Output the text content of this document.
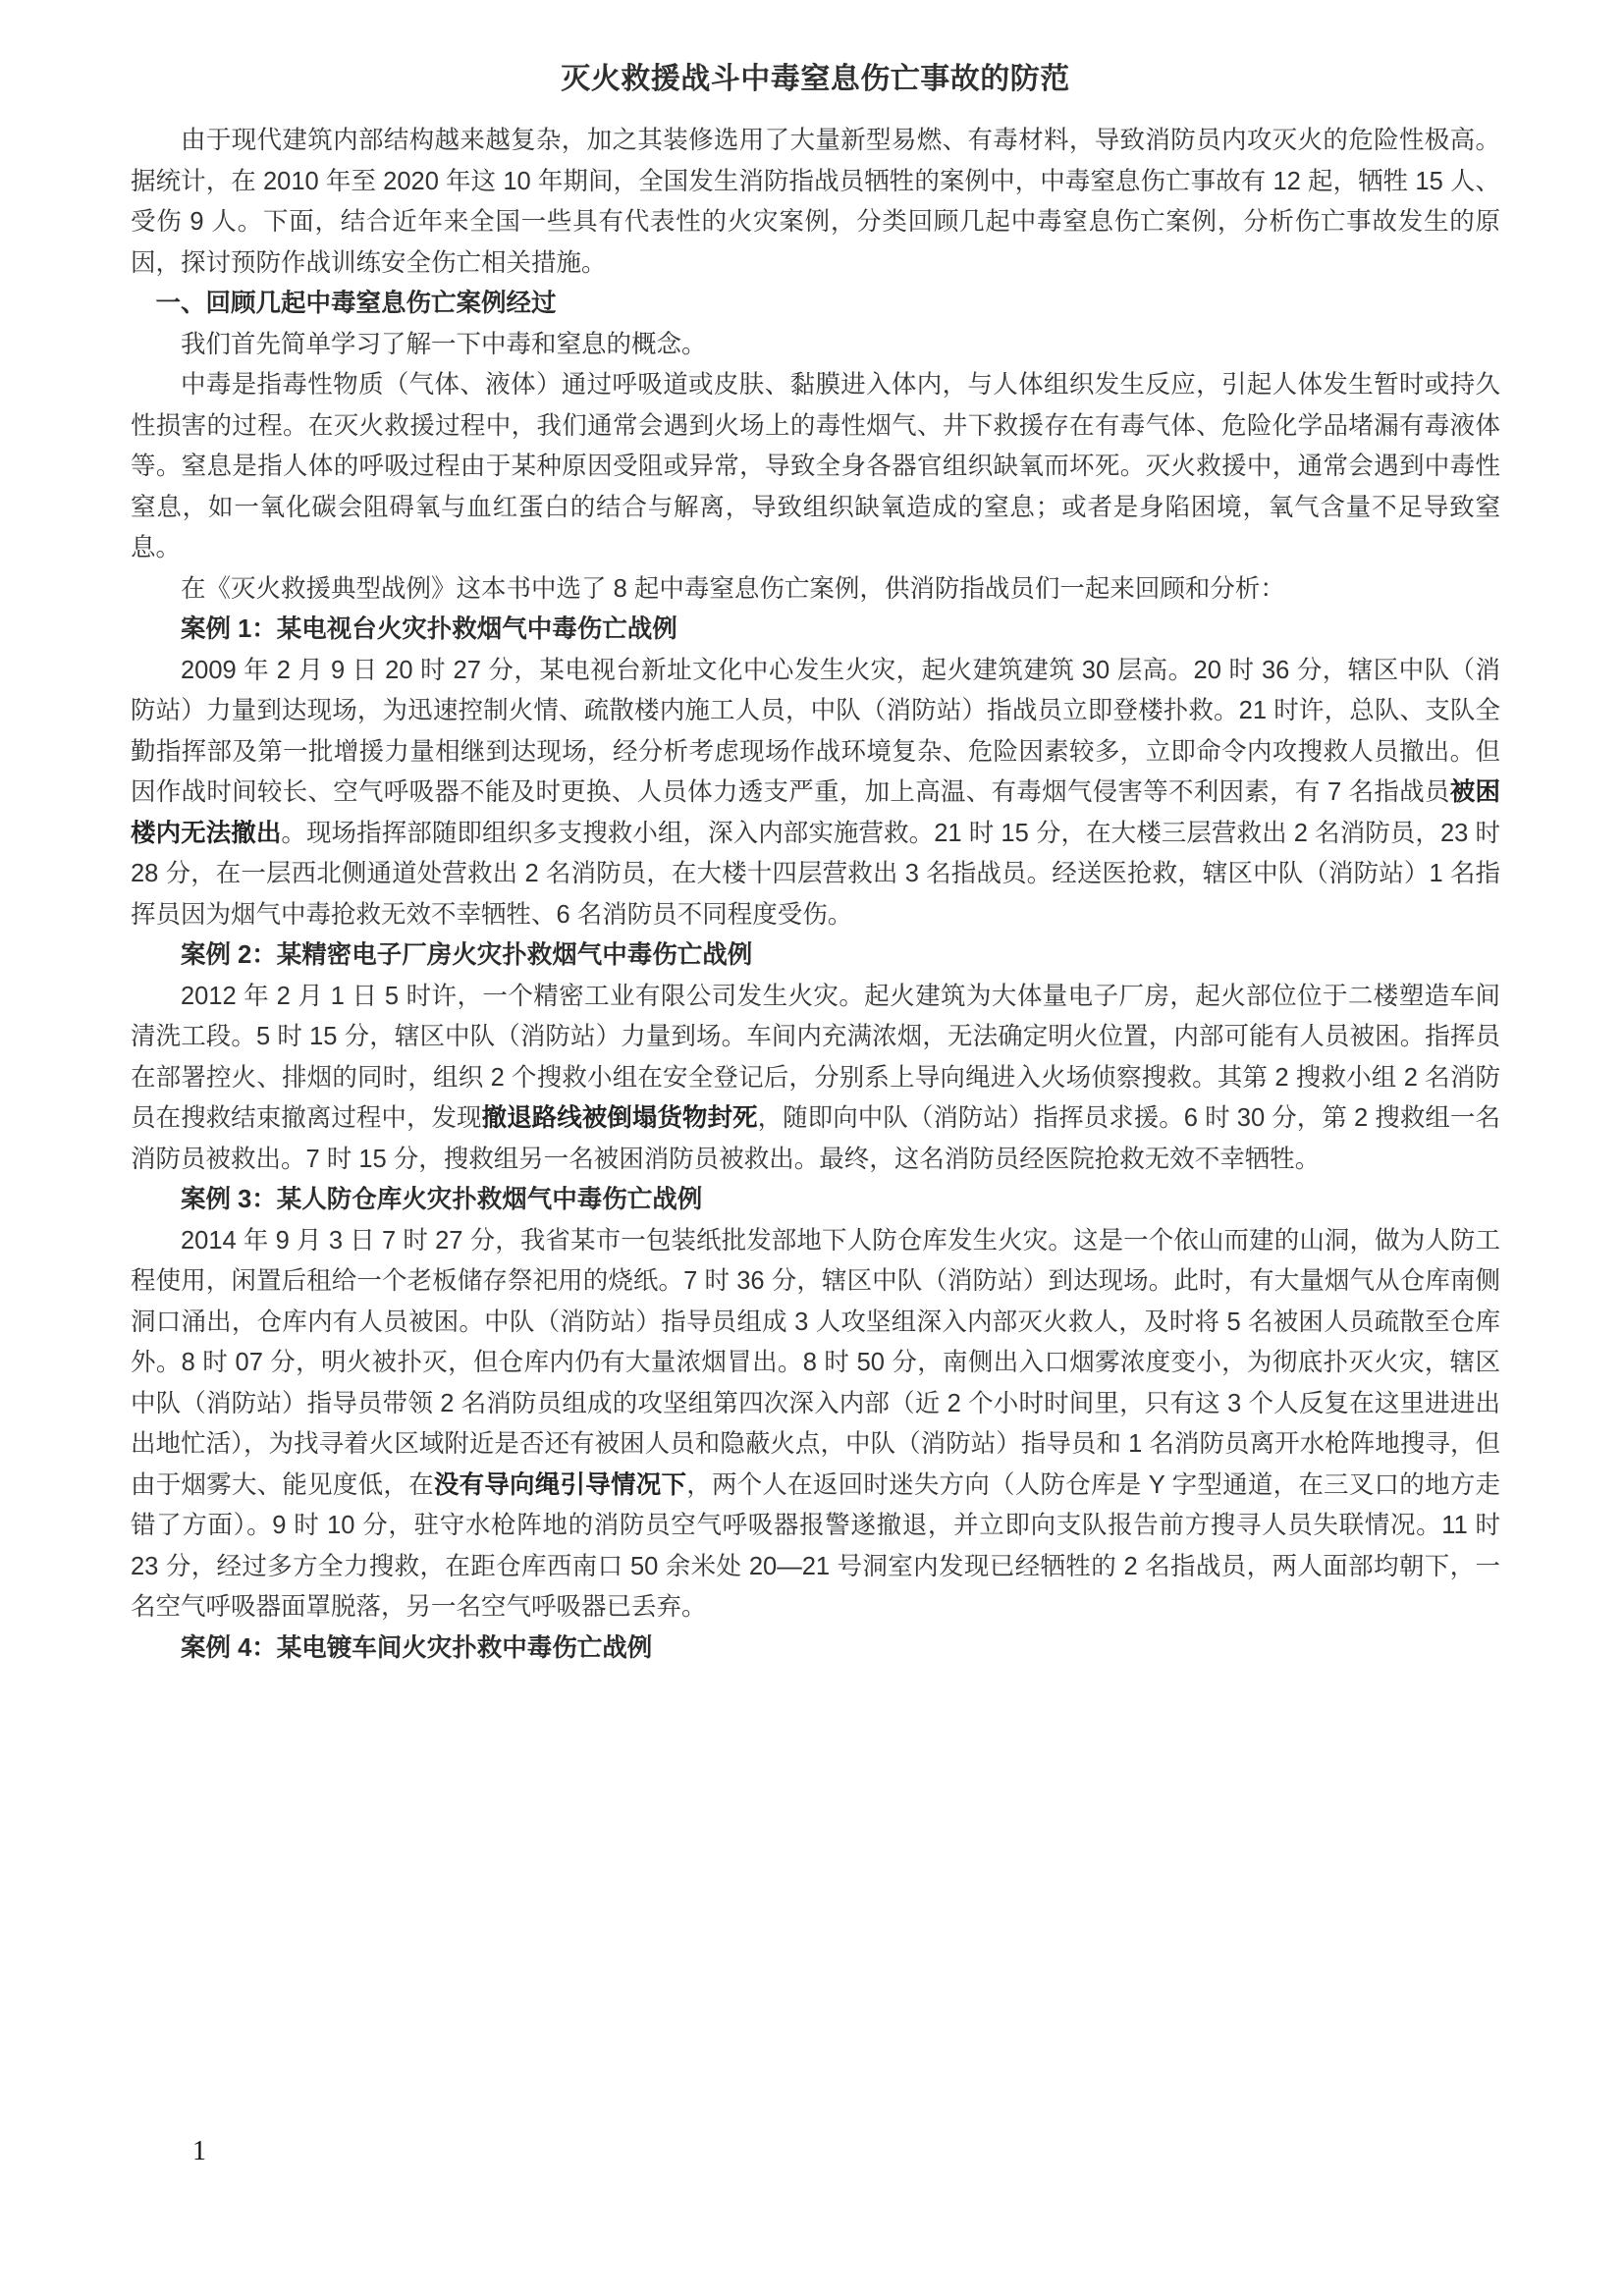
灭火救援战斗中毒窒息伤亡事故的防范

由于现代建筑内部结构越来越复杂，加之其装修选用了大量新型易燃、有毒材料，导致消防员内攻灭火的危险性极高。据统计，在 2010 年至 2020 年这 10 年期间，全国发生消防指战员牺牲的案例中，中毒窒息伤亡事故有 12 起，牺牲 15 人、受伤 9 人。下面，结合近年来全国一些具有代表性的火灾案例，分类回顾几起中毒窒息伤亡案例，分析伤亡事故发生的原因，探讨预防作战训练安全伤亡相关措施。

一、回顾几起中毒窒息伤亡案例经过

我们首先简单学习了解一下中毒和窒息的概念。

中毒是指毒性物质（气体、液体）通过呼吸道或皮肤、黏膜进入体内，与人体组织发生反应，引起人体发生暂时或持久性损害的过程。在灭火救援过程中，我们通常会遇到火场上的毒性烟气、井下救援存在有毒气体、危险化学品堵漏有毒液体等。窒息是指人体的呼吸过程由于某种原因受阻或异常，导致全身各器官组织缺氧而坏死。灭火救援中，通常会遇到中毒性窒息，如一氧化碳会阻碍氧与血红蛋白的结合与解离，导致组织缺氧造成的窒息；或者是身陷困境，氧气含量不足导致窒息。

在《灭火救援典型战例》这本书中选了 8 起中毒窒息伤亡案例，供消防指战员们一起来回顾和分析：

案例 1：某电视台火灾扑救烟气中毒伤亡战例

2009 年 2 月 9 日 20 时 27 分，某电视台新址文化中心发生火灾，起火建筑建筑 30 层高。20 时 36 分，辖区中队（消防站）力量到达现场，为迅速控制火情、疏散楼内施工人员，中队（消防站）指战员立即登楼扑救。21 时许，总队、支队全勤指挥部及第一批增援力量相继到达现场，经分析考虑现场作战环境复杂、危险因素较多，立即命令内攻搜救人员撤出。但因作战时间较长、空气呼吸器不能及时更换、人员体力透支严重，加上高温、有毒烟气侵害等不利因素，有 7 名指战员被困楼内无法撤出。现场指挥部随即组织多支搜救小组，深入内部实施营救。21 时 15 分，在大楼三层营救出 2 名消防员，23 时 28 分，在一层西北侧通道处营救出 2 名消防员，在大楼十四层营救出 3 名指战员。经送医抢救，辖区中队（消防站）1 名指挥员因为烟气中毒抢救无效不幸牺牲、6 名消防员不同程度受伤。

案例 2：某精密电子厂房火灾扑救烟气中毒伤亡战例

2012 年 2 月 1 日 5 时许，一个精密工业有限公司发生火灾。起火建筑为大体量电子厂房，起火部位位于二楼塑造车间清洗工段。5 时 15 分，辖区中队（消防站）力量到场。车间内充满浓烟，无法确定明火位置，内部可能有人员被困。指挥员在部署控火、排烟的同时，组织 2 个搜救小组在安全登记后，分别系上导向绳进入火场侦察搜救。其第 2 搜救小组 2 名消防员在搜救结束撤离过程中，发现撤退路线被倒塌货物封死，随即向中队（消防站）指挥员求援。6 时 30 分，第 2 搜救组一名消防员被救出。7 时 15 分，搜救组另一名被困消防员被救出。最终，这名消防员经医院抢救无效不幸牺牲。

案例 3：某人防仓库火灾扑救烟气中毒伤亡战例

2014 年 9 月 3 日 7 时 27 分，我省某市一包装纸批发部地下人防仓库发生火灾。这是一个依山而建的山洞，做为人防工程使用，闲置后租给一个老板储存祭祀用的烧纸。7 时 36 分，辖区中队（消防站）到达现场。此时，有大量烟气从仓库南侧洞口涌出，仓库内有人员被困。中队（消防站）指导员组成 3 人攻坚组深入内部灭火救人，及时将 5 名被困人员疏散至仓库外。8 时 07 分，明火被扑灭，但仓库内仍有大量浓烟冒出。8 时 50 分，南侧出入口烟雾浓度变小，为彻底扑灭火灾，辖区中队（消防站）指导员带领 2 名消防员组成的攻坚组第四次深入内部（近 2 个小时时间里，只有这 3 个人反复在这里进进出出地忙活），为找寻着火区域附近是否还有被困人员和隐蔽火点，中队（消防站）指导员和 1 名消防员离开水枪阵地搜寻，但由于烟雾大、能见度低，在没有导向绳引导情况下，两个人在返回时迷失方向（人防仓库是 Y 字型通道，在三叉口的地方走错了方面）。9 时 10 分，驻守水枪阵地的消防员空气呼吸器报警遂撤退，并立即向支队报告前方搜寻人员失联情况。11 时 23 分，经过多方全力搜救，在距仓库西南口 50 余米处 20—21 号洞室内发现已经牺牲的 2 名指战员，两人面部均朝下，一名空气呼吸器面罩脱落，另一名空气呼吸器已丢弃。

案例 4：某电镀车间火灾扑救中毒伤亡战例

1
